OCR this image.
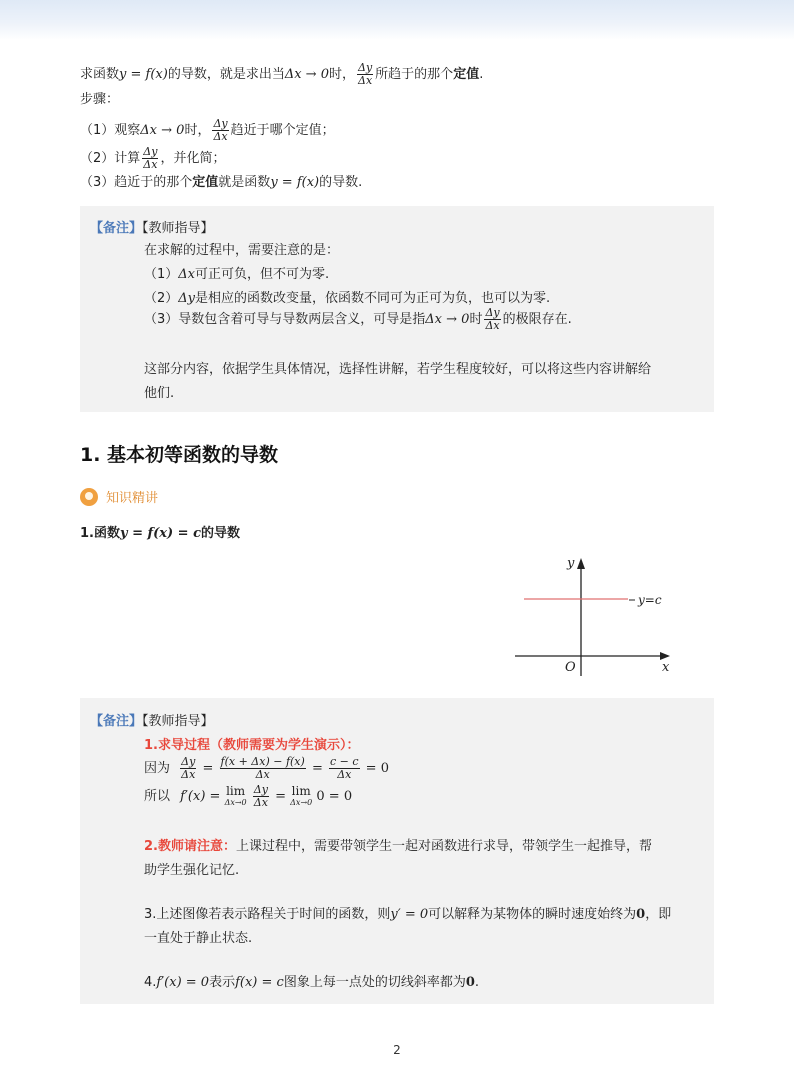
求函数y = f(x)的导数，就是求出当Δx → 0时， $\frac{\Delta y}{\Delta x}$ 所趋于的那个定值.
步骤：
（1）观察Δx → 0时， $\frac{\Delta y}{\Delta x}$ 趋近于哪个定值；
（2）计算 $\frac{\Delta y}{\Delta x}$ ，并化简；
（3）趋近于的那个定值就是函数y = f(x)的导数.
【备注】【教师指导】
在求解的过程中，需要注意的是：
（1）Δx可正可负，但不可为零.
（2）Δy是相应的函数改变量，依函数不同可为正可为负，也可以为零.
（3）导数包含着可导与导数两层含义，可导是指Δx → 0时 $\frac{\Delta y}{\Delta x}$ 的极限存在.
这部分内容，依据学生具体情况，选择性讲解，若学生程度较好，可以将这些内容讲解给
他们.
1. 基本初等函数的导数
知识精讲
1.函数y = f(x) = c的导数
y
x
O
y=c
【备注】【教师指导】
1.求导过程（教师需要为学生演示）：
因为 $\frac{\Delta y}{\Delta x} = \frac{f(x + \Delta x) - f(x)}{\Delta x} = \frac{c - c}{\Delta x} = 0$
所以 f′(x) = lim
Δx→0
$\frac{\Delta y}{\Delta x} = \lim$
Δx→0 0 = 0
2.教师请注意：上课过程中，需要带领学生一起对函数进行求导，带领学生一起推导，帮
助学生强化记忆.
3.上述图像若表示路程关于时间的函数，则y′ = 0可以解释为某物体的瞬时速度始终为0，即
一直处于静止状态.
4.f′(x) = 0表示f(x) = c图象上每一点处的切线斜率都为0.
2
